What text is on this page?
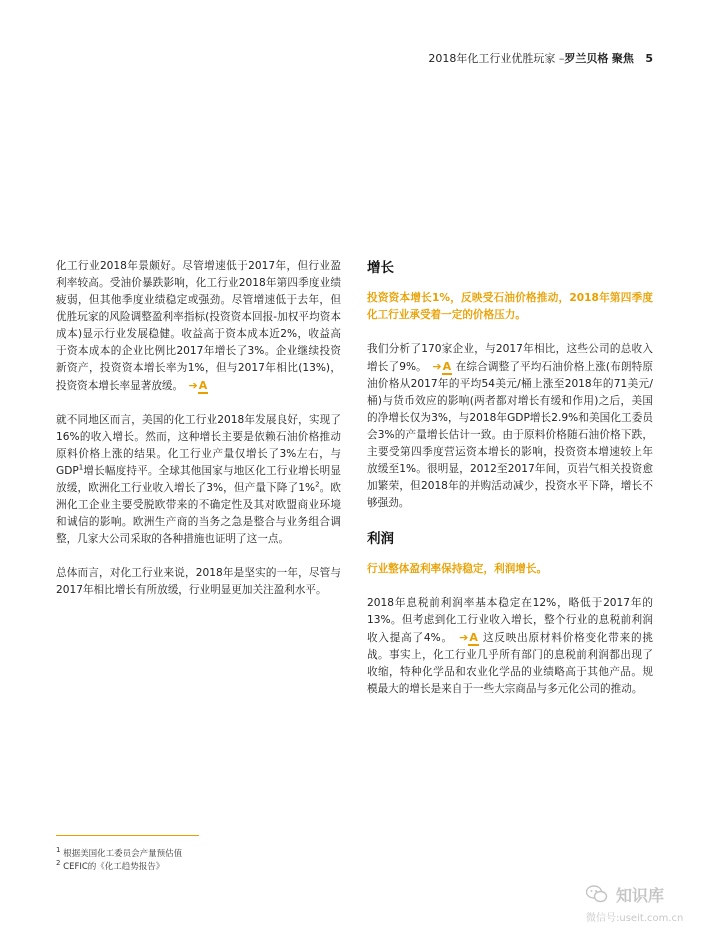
2018年化工行业优胜玩家 –罗兰贝格 聚焦 5

化工行业2018年景颇好。尽管增速低于2017年，但行业盈利率较高。受油价暴跌影响，化工行业2018年第四季度业绩疲弱，但其他季度业绩稳定或强劲。尽管增速低于去年，但优胜玩家的风险调整盈利率指标(投资资本回报-加权平均资本成本)显示行业发展稳健。收益高于资本成本近2%，收益高于资本成本的企业比例比2017年增长了3%。企业继续投资新资产，投资资本增长率为1%，但与2017年相比(13%)，投资资本增长率显著放缓。 ➔A

就不同地区而言，美国的化工行业2018年发展良好，实现了16%的收入增长。然而，这种增长主要是依赖石油价格推动原料价格上涨的结果。化工行业产量仅增长了3%左右，与GDP$^1$增长幅度持平。全球其他国家与地区化工行业增长明显放缓，欧洲化工行业收入增长了3%，但产量下降了1%$^2$。欧洲化工企业主要受脱欧带来的不确定性及其对欧盟商业环境和诚信的影响。欧洲生产商的当务之急是整合与业务组合调整，几家大公司采取的各种措施也证明了这一点。

总体而言，对化工行业来说，2018年是坚实的一年，尽管与2017年相比增长有所放缓，行业明显更加关注盈利水平。

增长

投资资本增长1%，反映受石油价格推动，2018年第四季度化工行业承受着一定的价格压力。

我们分析了170家企业，与2017年相比，这些公司的总收入增长了9%。 ➔A 在综合调整了平均石油价格上涨(布朗特原油价格从2017年的平均54美元/桶上涨至2018年的71美元/桶)与货币效应的影响(两者都对增长有缓和作用)之后，美国的净增长仅为3%，与2018年GDP增长2.9%和美国化工委员会3%的产量增长估计一致。由于原料价格随石油价格下跌，主要受第四季度营运资本增长的影响，投资资本增速较上年放缓至1%。很明显，2012至2017年间，页岩气相关投资愈加繁荣，但2018年的并购活动减少，投资水平下降，增长不够强劲。

利润

行业整体盈利率保持稳定，利润增长。

2018年息税前利润率基本稳定在12%，略低于2017年的13%。但考虑到化工行业收入增长，整个行业的息税前利润收入提高了4%。 ➔A 这反映出原材料价格变化带来的挑战。事实上，化工行业几乎所有部门的息税前利润都出现了收缩，特种化学品和农业化学品的业绩略高于其他产品。规模最大的增长是来自于一些大宗商品与多元化公司的推动。

$^1$ 根据美国化工委员会产量预估值
$^2$ CEFIC的《化工趋势报告》
知识库
微信号:useit.com.cn
